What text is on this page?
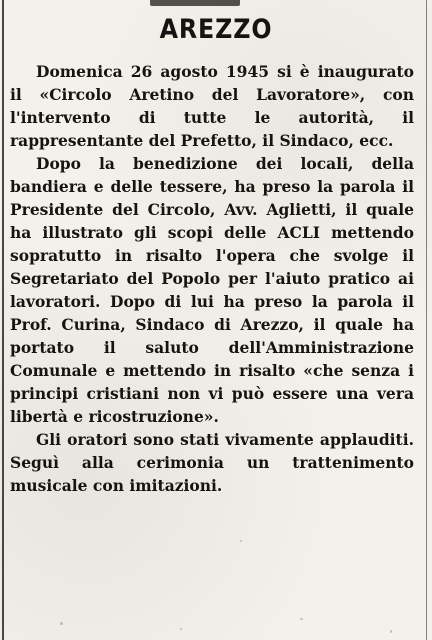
AREZZO

Domenica 26 agosto 1945 si è inaugurato il «Circolo Aretino del Lavoratore», con l'intervento di tutte le autorità, il rappresentante del Prefetto, il Sindaco, ecc.

Dopo la benedizione dei locali, della bandiera e delle tessere, ha preso la parola il Presidente del Circolo, Avv. Aglietti, il quale ha illustrato gli scopi delle ACLI mettendo sopratutto in risalto l'opera che svolge il Segretariato del Popolo per l'aiuto pratico ai lavoratori. Dopo di lui ha preso la parola il Prof. Curina, Sindaco di Arezzo, il quale ha portato il saluto dell'Amministrazione Comunale e mettendo in risalto «che senza i principi cristiani non vi può essere una vera libertà e ricostruzione».

Gli oratori sono stati vivamente applauditi. Seguì alla cerimonia un trattenimento musicale con imitazioni.
